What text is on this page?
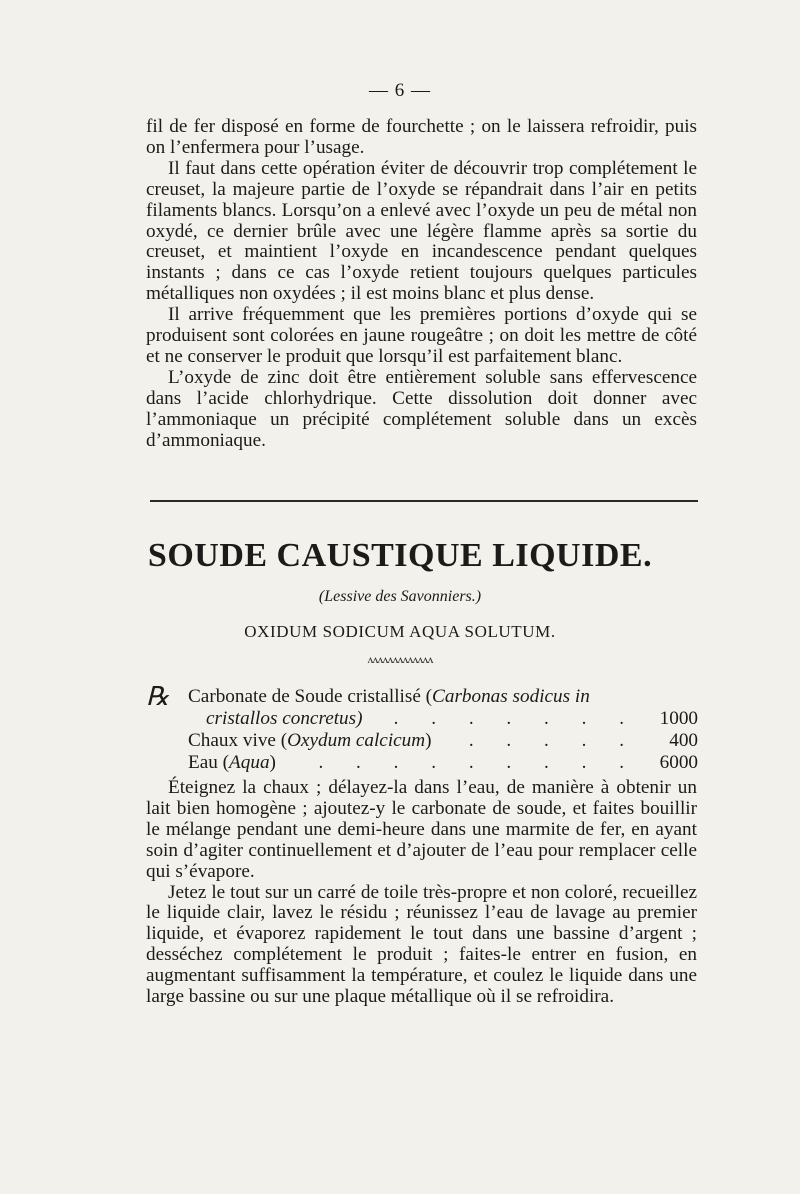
— 6 —

fil de fer disposé en forme de fourchette ; on le laissera refroidir, puis on l’enfermera pour l’usage.

Il faut dans cette opération éviter de découvrir trop complétement le creuset, la majeure partie de l’oxyde se répandrait dans l’air en petits filaments blancs. Lorsqu’on a enlevé avec l’oxyde un peu de métal non oxydé, ce dernier brûle avec une légère flamme après sa sortie du creuset, et maintient l’oxyde en incandescence pendant quelques instants ; dans ce cas l’oxyde retient toujours quelques particules métalliques non oxydées ; il est moins blanc et plus dense.

Il arrive fréquemment que les premières portions d’oxyde qui se produisent sont colorées en jaune rougeâtre ; on doit les mettre de côté et ne conserver le produit que lorsqu’il est parfaitement blanc.

L’oxyde de zinc doit être entièrement soluble sans effervescence dans l’acide chlorhydrique. Cette dissolution doit donner avec l’ammoniaque un précipité complétement soluble dans un excès d’ammoniaque.

SOUDE CAUSTIQUE LIQUIDE.
(Lessive des Savonniers.)
OXIDUM SODICUM AQUA SOLUTUM.
ᴧᴧᴧᴧᴧᴧᴧᴧᴧᴧᴧᴧᴧ
℞ Carbonate de Soude cristallisé (Carbonas sodicus in
cristallos concretus) . . . . . . . 1000
Chaux vive (Oxydum calcicum) . . . . . 400
Eau (Aqua) . . . . . . . . . 6000

Éteignez la chaux ; délayez-la dans l’eau, de manière à obtenir un lait bien homogène ; ajoutez-y le carbonate de soude, et faites bouillir le mélange pendant une demi-heure dans une marmite de fer, en ayant soin d’agiter continuellement et d’ajouter de l’eau pour remplacer celle qui s’évapore.

Jetez le tout sur un carré de toile très-propre et non coloré, recueillez le liquide clair, lavez le résidu ; réunissez l’eau de lavage au premier liquide, et évaporez rapidement le tout dans une bassine d’argent ; desséchez complétement le produit ; faites-le entrer en fusion, en augmentant suffisamment la température, et coulez le liquide dans une large bassine ou sur une plaque métallique où il se refroidira.
